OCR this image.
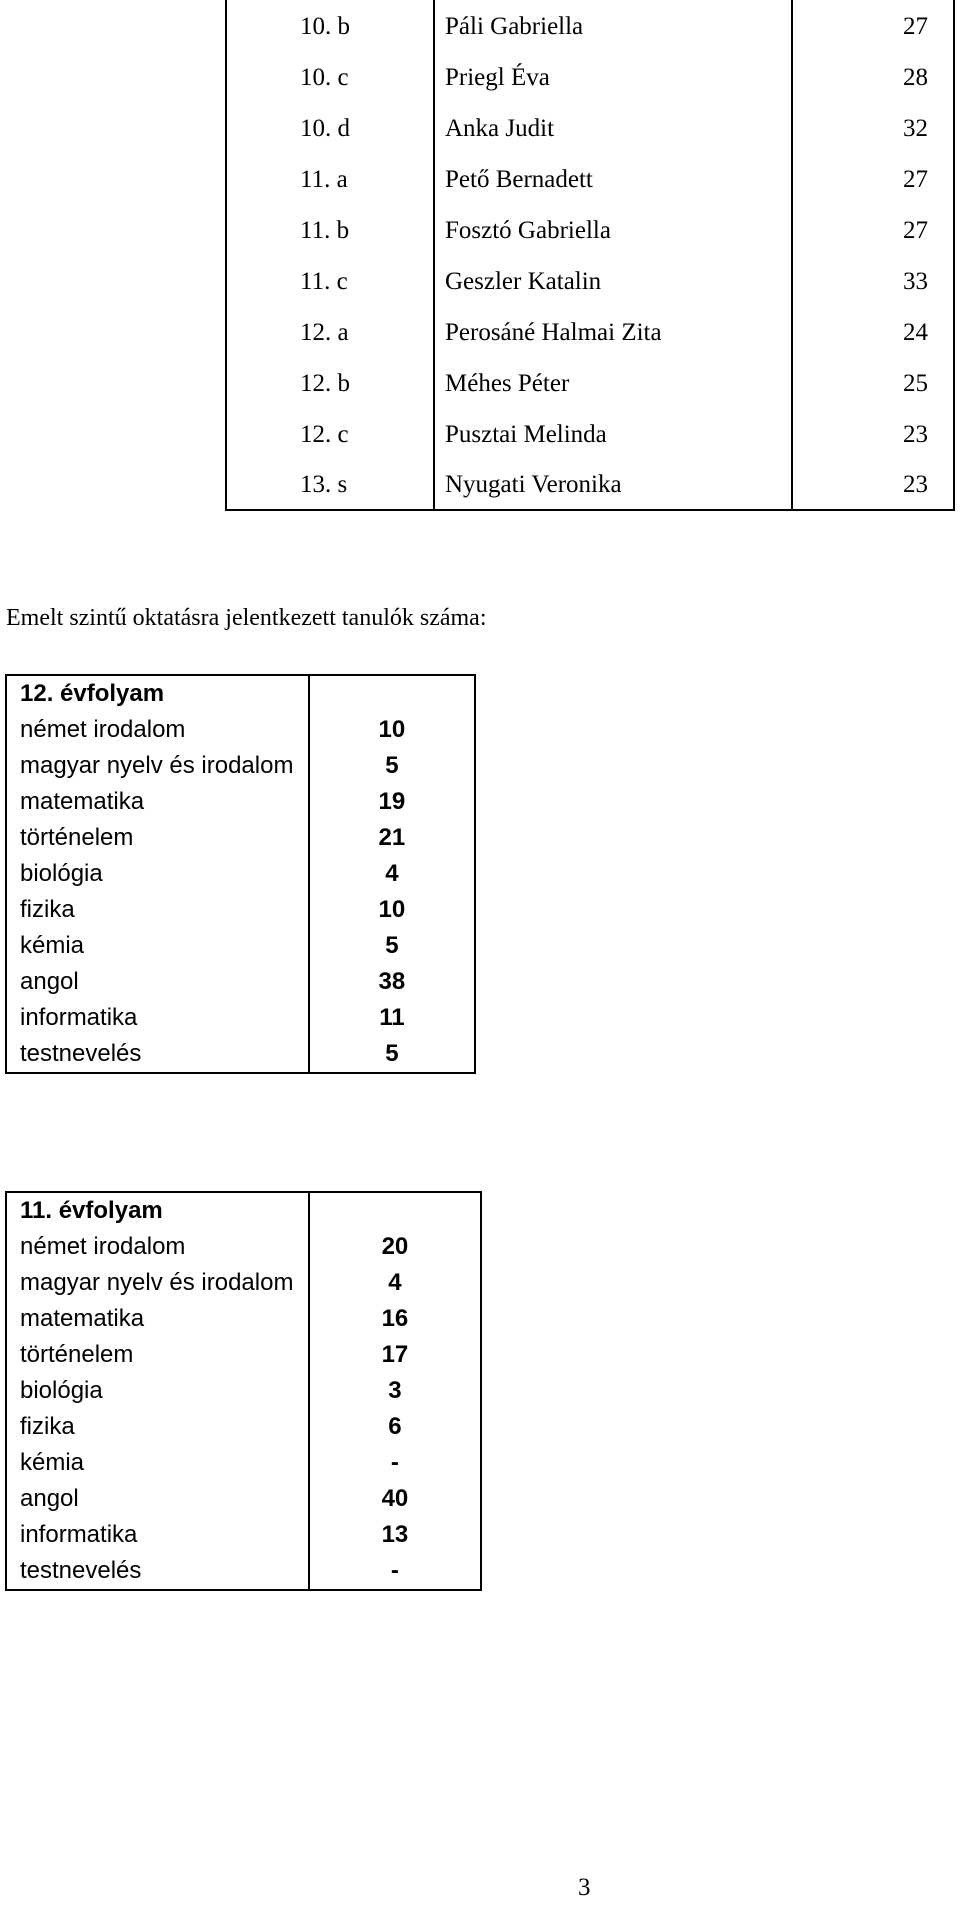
10. b	Páli Gabriella	27
10. c	Priegl Éva	28
10. d	Anka Judit	32
11. a	Pető Bernadett	27
11. b	Fosztó Gabriella	27
11. c	Geszler Katalin	33
12. a	Perosáné Halmai Zita	24
12. b	Méhes Péter	25
12. c	Pusztai Melinda	23
13. s	Nyugati Veronika	23

Emelt szintű oktatásra jelentkezett tanulók száma:

12. évfolyam	
német irodalom	10
magyar nyelv és irodalom	5
matematika	19
történelem	21
biológia	4
fizika	10
kémia	5
angol	38
informatika	11
testnevelés	5
11. évfolyam	
német irodalom	20
magyar nyelv és irodalom	4
matematika	16
történelem	17
biológia	3
fizika	6
kémia	-
angol	40
informatika	13
testnevelés	-
3
